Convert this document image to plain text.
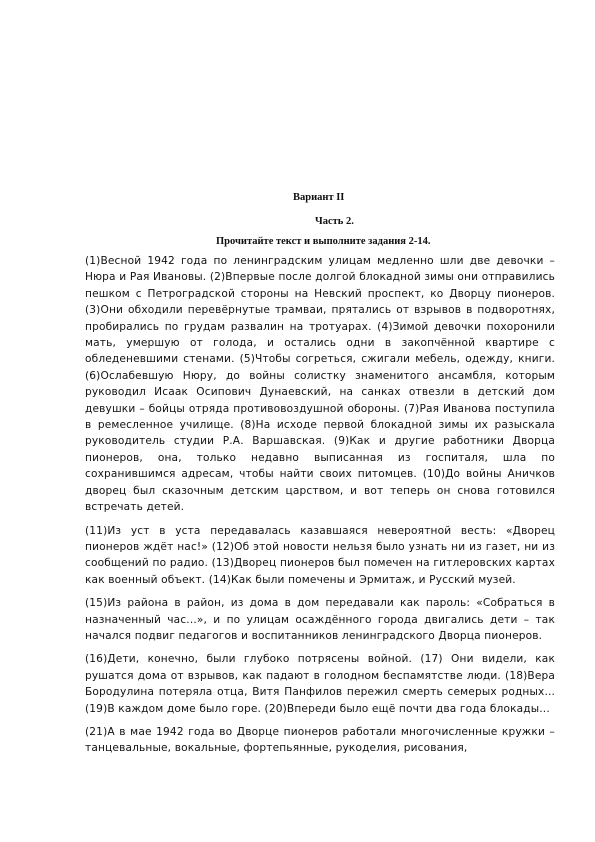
Вариант II
Часть 2.
Прочитайте текст и выполните задания 2-14.

(1)Весной 1942 года по ленинградским улицам медленно шли две девочки – Нюра и Рая Ивановы. (2)Впервые после долгой блокадной зимы они отправились пешком с Петроградской стороны на Невский проспект, ко Дворцу пионеров. (3)Они обходили перевёрнутые трамваи, прятались от взрывов в подворотнях, пробирались по грудам развалин на тротуарах. (4)Зимой девочки похоронили мать, умершую от голода, и остались одни в закопчённой квартире с обледеневшими стенами. (5)Чтобы согреться, сжигали мебель, одежду, книги. (6)Ослабевшую Нюру, до войны солистку знаменитого ансамбля, которым руководил Исаак Осипович Дунаевский, на санках отвезли в детский дом девушки – бойцы отряда противовоздушной обороны. (7)Рая Иванова поступила в ремесленное училище. (8)На исходе первой блокадной зимы их разыскала руководитель студии Р.А. Варшавская. (9)Как и другие работники Дворца пионеров, она, только недавно выписанная из госпиталя, шла по сохранившимся адресам, чтобы найти своих питомцев. (10)До войны Аничков дворец был сказочным детским царством, и вот теперь он снова готовился встречать детей.

(11)Из уст в уста передавалась казавшаяся невероятной весть: «Дворец пионеров ждёт нас!» (12)Об этой новости нельзя было узнать ни из газет, ни из сообщений по радио. (13)Дворец пионеров был помечен на гитлеровских картах как военный объект. (14)Как были помечены и Эрмитаж, и Русский музей.

(15)Из района в район, из дома в дом передавали как пароль: «Собраться в назначенный час...», и по улицам осаждённого города двигались дети – так начался подвиг педагогов и воспитанников ленинградского Дворца пионеров.

(16)Дети, конечно, были глубоко потрясены войной. (17) Они видели, как рушатся дома от взрывов, как падают в голодном беспамятстве люди. (18)Вера Бородулина потеряла отца, Витя Панфилов пережил смерть семерых родных... (19)В каждом доме было горе. (20)Впереди было ещё почти два года блокады...

(21)А в мае 1942 года во Дворце пионеров работали многочисленные кружки – танцевальные, вокальные, фортепьянные, рукоделия, рисования,
